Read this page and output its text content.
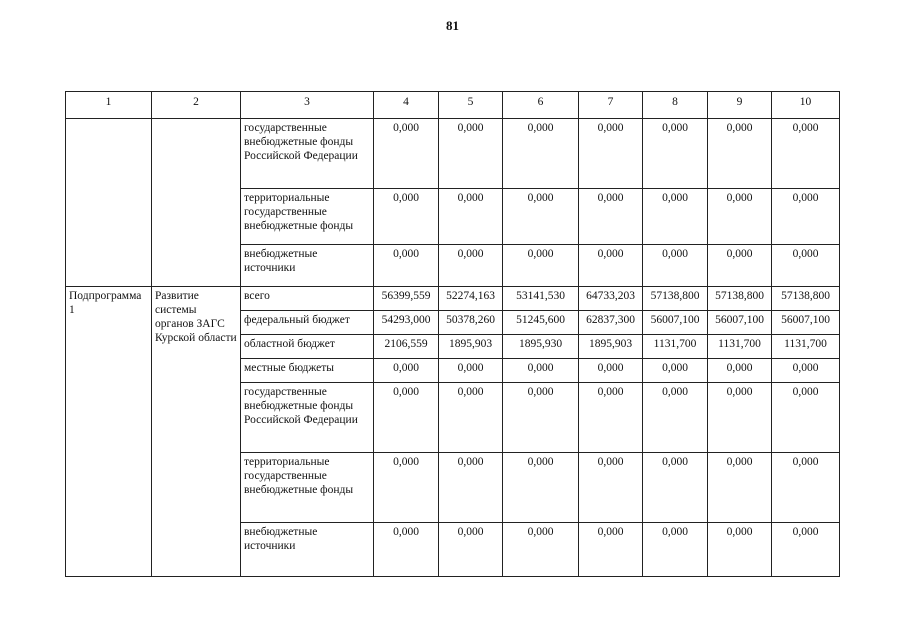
81
1	2	3	4	5	6	7	8	9	10
		государственные внебюджетные фонды Российской Федерации	0,000	0,000	0,000	0,000	0,000	0,000	0,000
		территориальные государственные внебюджетные фонды	0,000	0,000	0,000	0,000	0,000	0,000	0,000
		внебюджетные источники	0,000	0,000	0,000	0,000	0,000	0,000	0,000
Подпрограмма 1	Развитие системы органов ЗАГС Курской области	всего	56399,559	52274,163	53141,530	64733,203	57138,800	57138,800	57138,800
		федеральный бюджет	54293,000	50378,260	51245,600	62837,300	56007,100	56007,100	56007,100
		областной бюджет	2106,559	1895,903	1895,930	1895,903	1131,700	1131,700	1131,700
		местные бюджеты	0,000	0,000	0,000	0,000	0,000	0,000	0,000
		государственные внебюджетные фонды Российской Федерации	0,000	0,000	0,000	0,000	0,000	0,000	0,000
		территориальные государственные внебюджетные фонды	0,000	0,000	0,000	0,000	0,000	0,000	0,000
		внебюджетные источники	0,000	0,000	0,000	0,000	0,000	0,000	0,000
